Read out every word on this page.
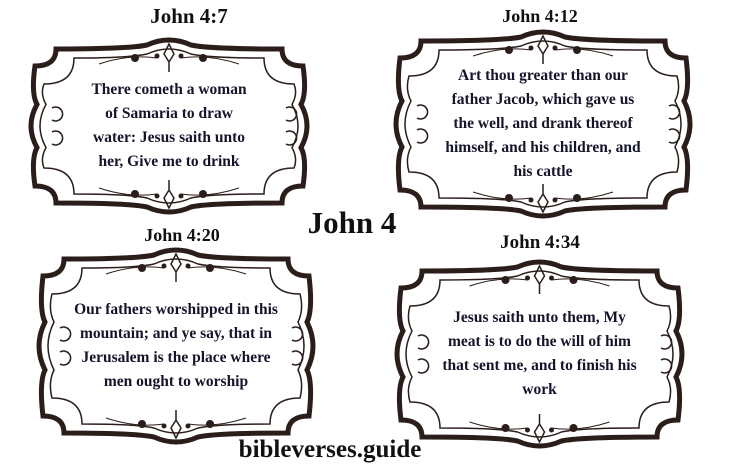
John 4:7	John 4:12
John 4:20	John 4:34
There cometh a woman of Samaria to draw water: Jesus saith unto her, Give me to drink
Art thou greater than our father Jacob, which gave us the well, and drank thereof himself, and his children, and his cattle
Our fathers worshipped in this mountain; and ye say, that in Jerusalem is the place where men ought to worship
Jesus saith unto them, My meat is to do the will of him that sent me, and to finish his work
John 4
bibleverses.guide
